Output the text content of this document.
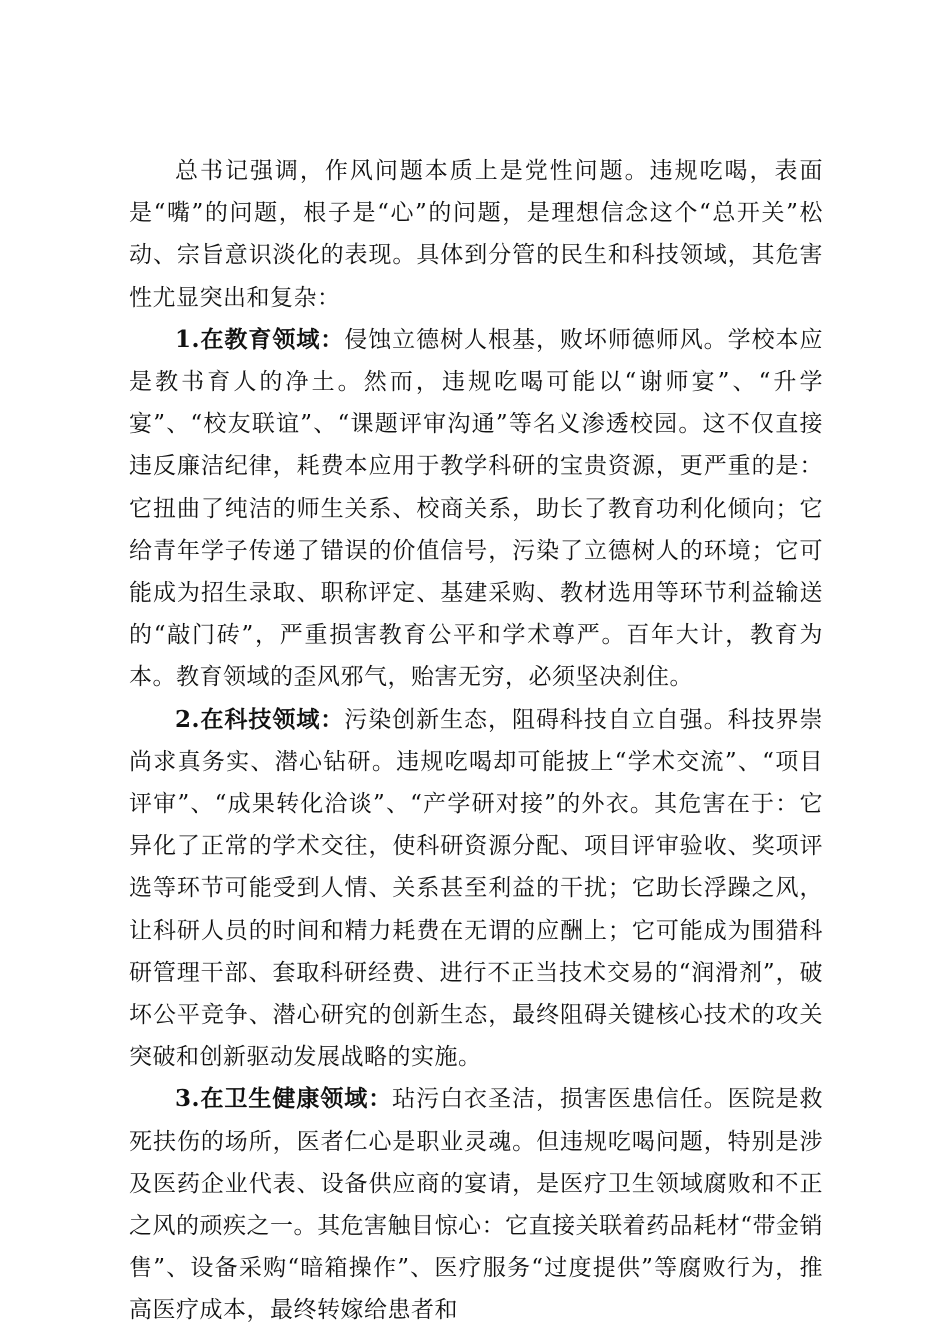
总书记强调，作风问题本质上是党性问题。违规吃喝，表面是“嘴”的问题，根子是“心”的问题，是理想信念这个“总开关”松动、宗旨意识淡化的表现。具体到分管的民生和科技领域，其危害性尤显突出和复杂：

1.在教育领域：侵蚀立德树人根基，败坏师德师风。学校本应是教书育人的净土。然而，违规吃喝可能以“谢师宴”、“升学宴”、“校友联谊”、“课题评审沟通”等名义渗透校园。这不仅直接违反廉洁纪律，耗费本应用于教学科研的宝贵资源，更严重的是：它扭曲了纯洁的师生关系、校商关系，助长了教育功利化倾向；它给青年学子传递了错误的价值信号，污染了立德树人的环境；它可能成为招生录取、职称评定、基建采购、教材选用等环节利益输送的“敲门砖”，严重损害教育公平和学术尊严。百年大计，教育为本。教育领域的歪风邪气，贻害无穷，必须坚决刹住。

2.在科技领域：污染创新生态，阻碍科技自立自强。科技界崇尚求真务实、潜心钻研。违规吃喝却可能披上“学术交流”、“项目评审”、“成果转化洽谈”、“产学研对接”的外衣。其危害在于：它异化了正常的学术交往，使科研资源分配、项目评审验收、奖项评选等环节可能受到人情、关系甚至利益的干扰；它助长浮躁之风，让科研人员的时间和精力耗费在无谓的应酬上；它可能成为围猎科研管理干部、套取科研经费、进行不正当技术交易的“润滑剂”，破坏公平竞争、潜心研究的创新生态，最终阻碍关键核心技术的攻关突破和创新驱动发展战略的实施。

3.在卫生健康领域：玷污白衣圣洁，损害医患信任。医院是救死扶伤的场所，医者仁心是职业灵魂。但违规吃喝问题，特别是涉及医药企业代表、设备供应商的宴请，是医疗卫生领域腐败和不正之风的顽疾之一。其危害触目惊心：它直接关联着药品耗材“带金销售”、设备采购“暗箱操作”、医疗服务“过度提供”等腐败行为，推高医疗成本，最终转嫁给患者和
